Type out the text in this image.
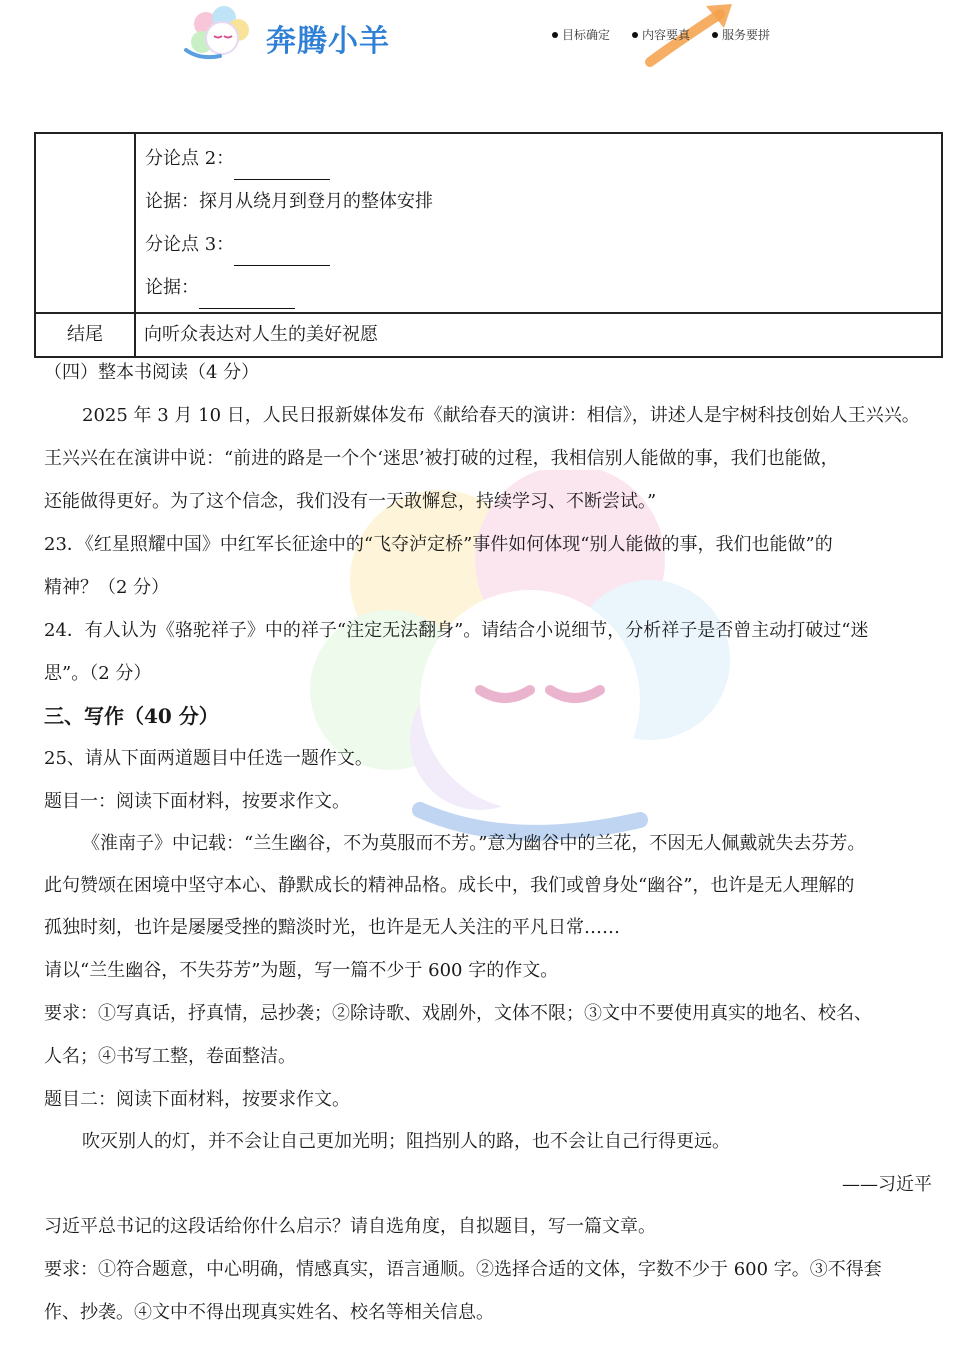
奔腾小羊	目标确定	内容要真	服务要拼

	分论点 2：
论据：探月从绕月到登月的整体安排
分论点 3：
论据：

结尾	向听众表达对人生的美好祝愿
（四）整本书阅读（4 分）
2025 年 3 月 10 日，人民日报新媒体发布《献给春天的演讲：相信》，讲述人是宇树科技创始人王兴兴。
王兴兴在在演讲中说：“前进的路是一个个‘迷思’被打破的过程，我相信别人能做的事，我们也能做，
还能做得更好。为了这个信念，我们没有一天敢懈怠，持续学习、不断尝试。”
23．《红星照耀中国》中红军长征途中的“飞夺泸定桥”事件如何体现“别人能做的事，我们也能做”的
精神？（2 分）
24．有人认为《骆驼祥子》中的祥子“注定无法翻身”。请结合小说细节，分析祥子是否曾主动打破过“迷
思”。（2 分）
三、写作（40 分）
25、请从下面两道题目中任选一题作文。
题目一：阅读下面材料，按要求作文。
《淮南子》中记载：“兰生幽谷，不为莫服而不芳。”意为幽谷中的兰花，不因无人佩戴就失去芬芳。
此句赞颂在困境中坚守本心、静默成长的精神品格。成长中，我们或曾身处“幽谷”，也许是无人理解的
孤独时刻，也许是屡屡受挫的黯淡时光，也许是无人关注的平凡日常……
请以“兰生幽谷，不失芬芳”为题，写一篇不少于 600 字的作文。
要求：①写真话，抒真情，忌抄袭；②除诗歌、戏剧外，文体不限；③文中不要使用真实的地名、校名、
人名；④书写工整，卷面整洁。
题目二：阅读下面材料，按要求作文。
吹灭别人的灯，并不会让自己更加光明；阻挡别人的路，也不会让自己行得更远。
——习近平
习近平总书记的这段话给你什么启示？请自选角度，自拟题目，写一篇文章。
要求：①符合题意，中心明确，情感真实，语言通顺。②选择合适的文体，字数不少于 600 字。③不得套
作、抄袭。④文中不得出现真实姓名、校名等相关信息。
